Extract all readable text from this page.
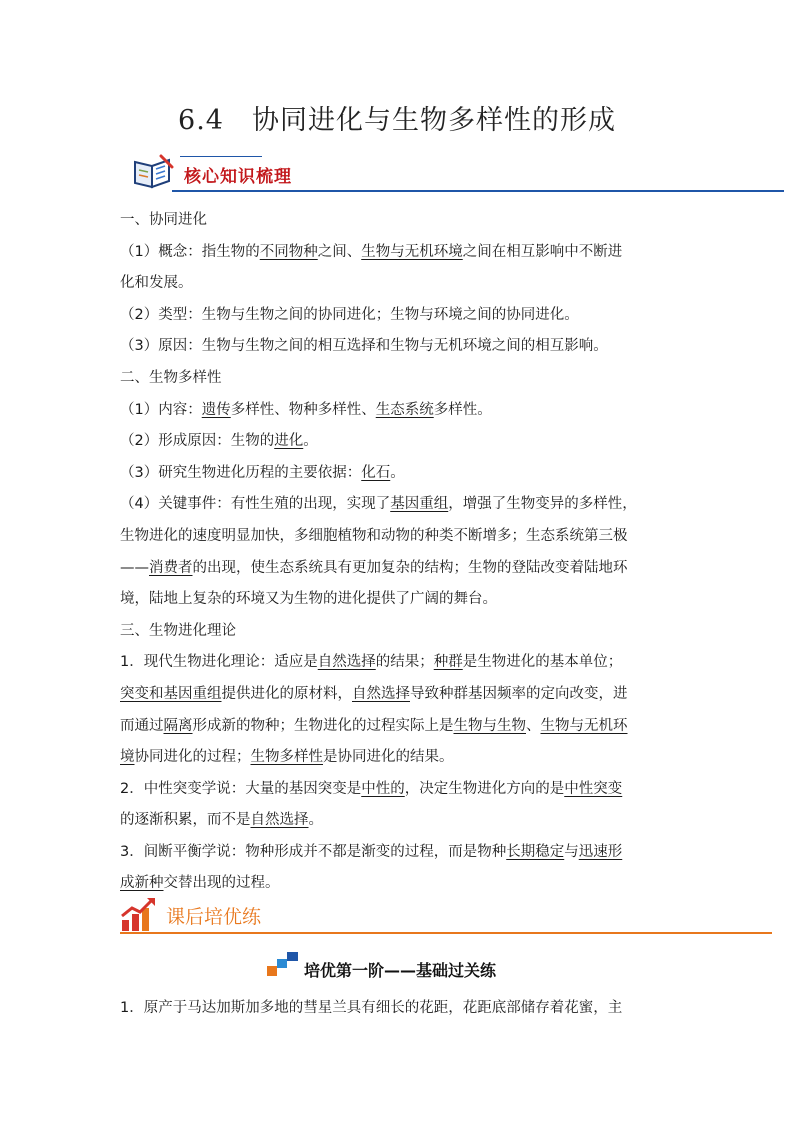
6.4　协同进化与生物多样性的形成
核心知识梳理

一、协同进化

（1）概念：指生物的不同物种之间、生物与无机环境之间在相互影响中不断进

化和发展。

（2）类型：生物与生物之间的协同进化；生物与环境之间的协同进化。

（3）原因：生物与生物之间的相互选择和生物与无机环境之间的相互影响。

二、生物多样性

（1）内容：遗传多样性、物种多样性、生态系统多样性。

（2）形成原因：生物的进化。

（3）研究生物进化历程的主要依据：化石。

（4）关键事件：有性生殖的出现，实现了基因重组，增强了生物变异的多样性，

生物进化的速度明显加快，多细胞植物和动物的种类不断增多；生态系统第三极

——消费者的出现，使生态系统具有更加复杂的结构；生物的登陆改变着陆地环

境，陆地上复杂的环境又为生物的进化提供了广阔的舞台。

三、生物进化理论

1．现代生物进化理论：适应是自然选择的结果；种群是生物进化的基本单位；

突变和基因重组提供进化的原材料，自然选择导致种群基因频率的定向改变，进

而通过隔离形成新的物种；生物进化的过程实际上是生物与生物、生物与无机环

境协同进化的过程；生物多样性是协同进化的结果。

2．中性突变学说：大量的基因突变是中性的，决定生物进化方向的是中性突变

的逐渐积累，而不是自然选择。

3．间断平衡学说：物种形成并不都是渐变的过程，而是物种长期稳定与迅速形

成新种交替出现的过程。

课后培优练
培优第一阶——基础过关练

1．原产于马达加斯加多地的彗星兰具有细长的花距，花距底部储存着花蜜，主
